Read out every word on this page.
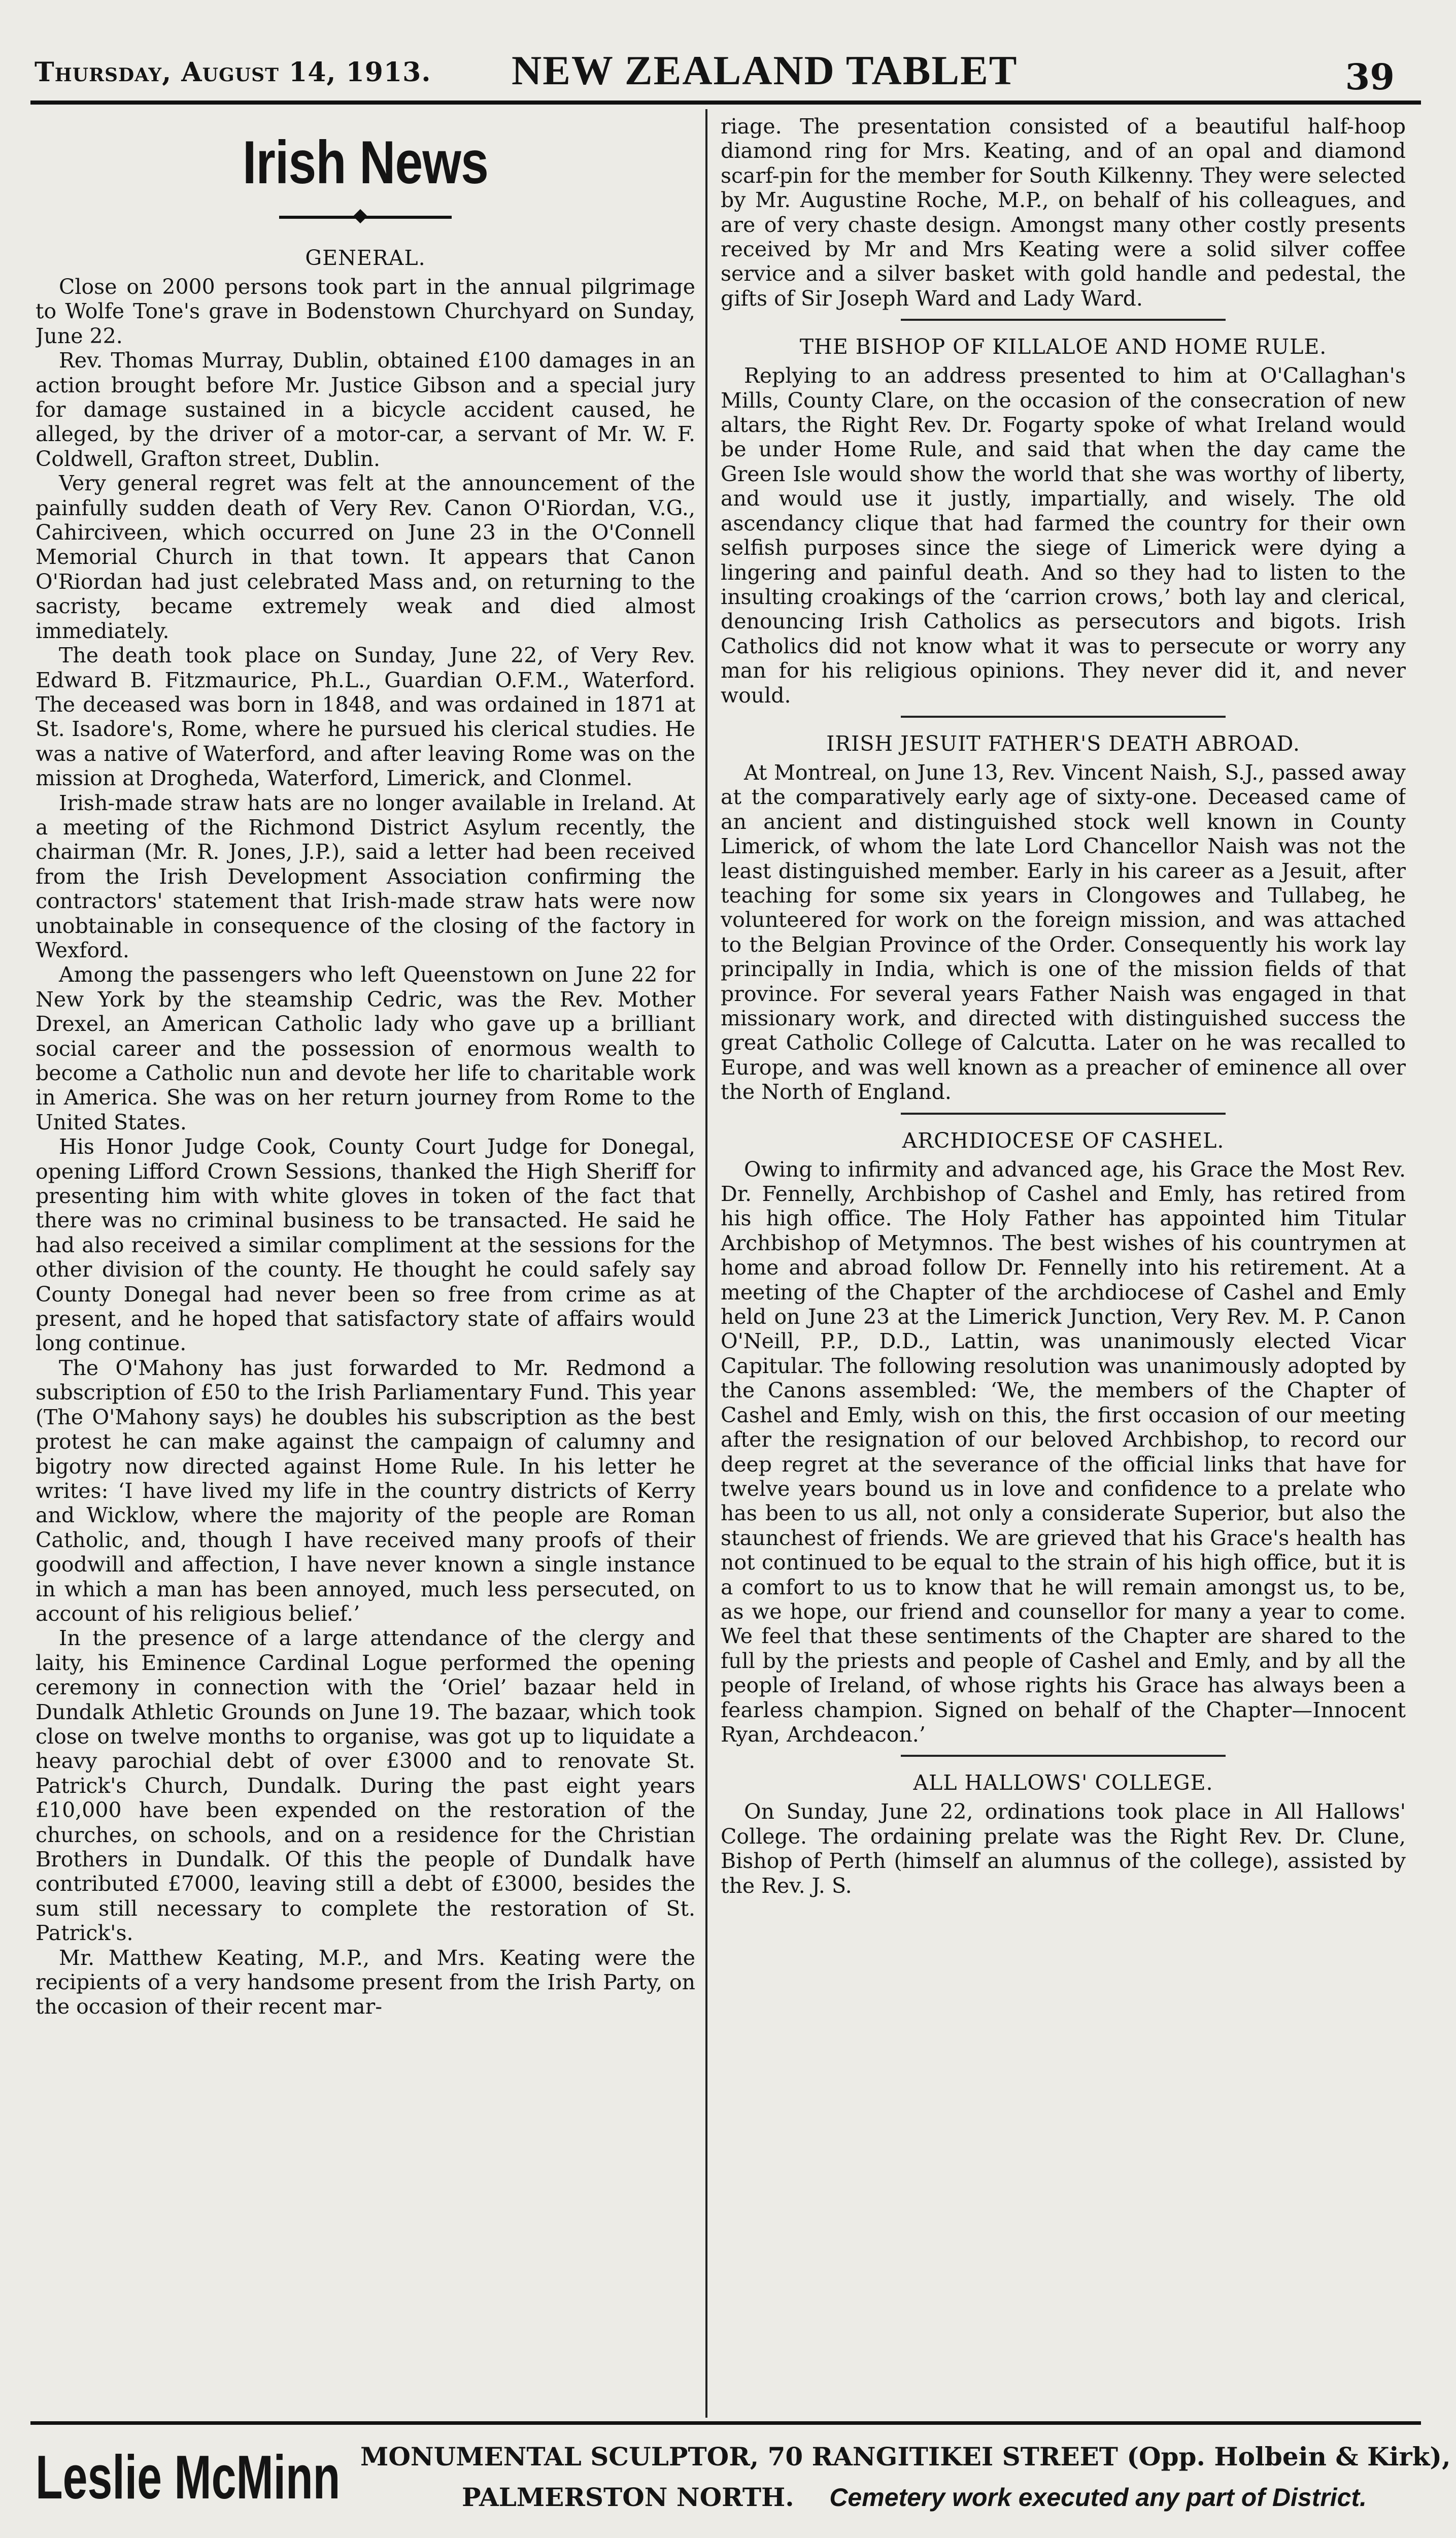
Thursday, August 14, 1913. NEW ZEALAND TABLET	39
Irish News
GENERAL.

Close on 2000 persons took part in the annual pilgrimage to Wolfe Tone's grave in Bodenstown Churchyard on Sunday, June 22.

Rev. Thomas Murray, Dublin, obtained £100 damages in an action brought before Mr. Justice Gibson and a special jury for damage sustained in a bicycle accident caused, he alleged, by the driver of a motor-car, a servant of Mr. W. F. Coldwell, Grafton street, Dublin.

Very general regret was felt at the announcement of the painfully sudden death of Very Rev. Canon O'Riordan, V.G., Cahirciveen, which occurred on June 23 in the O'Connell Memorial Church in that town. It appears that Canon O'Riordan had just celebrated Mass and, on returning to the sacristy, became extremely weak and died almost immediately.

The death took place on Sunday, June 22, of Very Rev. Edward B. Fitzmaurice, Ph.L., Guardian O.F.M., Waterford. The deceased was born in 1848, and was ordained in 1871 at St. Isadore's, Rome, where he pursued his clerical studies. He was a native of Waterford, and after leaving Rome was on the mission at Drogheda, Waterford, Limerick, and Clonmel.

Irish-made straw hats are no longer available in Ireland. At a meeting of the Richmond District Asylum recently, the chairman (Mr. R. Jones, J.P.), said a letter had been received from the Irish Development Association confirming the contractors' statement that Irish-made straw hats were now unobtainable in consequence of the closing of the factory in Wexford.

Among the passengers who left Queenstown on June 22 for New York by the steamship Cedric, was the Rev. Mother Drexel, an American Catholic lady who gave up a brilliant social career and the possession of enormous wealth to become a Catholic nun and devote her life to charitable work in America. She was on her return journey from Rome to the United States.

His Honor Judge Cook, County Court Judge for Donegal, opening Lifford Crown Sessions, thanked the High Sheriff for presenting him with white gloves in token of the fact that there was no criminal business to be transacted. He said he had also received a similar compliment at the sessions for the other division of the county. He thought he could safely say County Donegal had never been so free from crime as at present, and he hoped that satisfactory state of affairs would long continue.

The O'Mahony has just forwarded to Mr. Redmond a subscription of £50 to the Irish Parliamentary Fund. This year (The O'Mahony says) he doubles his subscription as the best protest he can make against the campaign of calumny and bigotry now directed against Home Rule. In his letter he writes: ‘I have lived my life in the country districts of Kerry and Wicklow, where the majority of the people are Roman Catholic, and, though I have received many proofs of their goodwill and affection, I have never known a single instance in which a man has been annoyed, much less persecuted, on account of his religious belief.’

In the presence of a large attendance of the clergy and laity, his Eminence Cardinal Logue performed the opening ceremony in connection with the ‘Oriel’ bazaar held in Dundalk Athletic Grounds on June 19. The bazaar, which took close on twelve months to organise, was got up to liquidate a heavy parochial debt of over £3000 and to renovate St. Patrick's Church, Dundalk. During the past eight years £10,000 have been expended on the restoration of the churches, on schools, and on a residence for the Christian Brothers in Dundalk. Of this the people of Dundalk have contributed £7000, leaving still a debt of £3000, besides the sum still necessary to complete the restoration of St. Patrick's.

Mr. Matthew Keating, M.P., and Mrs. Keating were the recipients of a very handsome present from the Irish Party, on the occasion of their recent mar-

riage. The presentation consisted of a beautiful half-hoop diamond ring for Mrs. Keating, and of an opal and diamond scarf-pin for the member for South Kilkenny. They were selected by Mr. Augustine Roche, M.P., on behalf of his colleagues, and are of very chaste design. Amongst many other costly presents received by Mr and Mrs Keating were a solid silver coffee service and a silver basket with gold handle and pedestal, the gifts of Sir Joseph Ward and Lady Ward.

THE BISHOP OF KILLALOE AND HOME RULE.

Replying to an address presented to him at O'Callaghan's Mills, County Clare, on the occasion of the consecration of new altars, the Right Rev. Dr. Fogarty spoke of what Ireland would be under Home Rule, and said that when the day came the Green Isle would show the world that she was worthy of liberty, and would use it justly, impartially, and wisely. The old ascendancy clique that had farmed the country for their own selfish purposes since the siege of Limerick were dying a lingering and painful death. And so they had to listen to the insulting croakings of the ‘carrion crows,’ both lay and clerical, denouncing Irish Catholics as persecutors and bigots. Irish Catholics did not know what it was to persecute or worry any man for his religious opinions. They never did it, and never would.

IRISH JESUIT FATHER'S DEATH ABROAD.

At Montreal, on June 13, Rev. Vincent Naish, S.J., passed away at the comparatively early age of sixty-one. Deceased came of an ancient and distinguished stock well known in County Limerick, of whom the late Lord Chancellor Naish was not the least distinguished member. Early in his career as a Jesuit, after teaching for some six years in Clongowes and Tullabeg, he volunteered for work on the foreign mission, and was attached to the Belgian Province of the Order. Consequently his work lay principally in India, which is one of the mission fields of that province. For several years Father Naish was engaged in that missionary work, and directed with distinguished success the great Catholic College of Calcutta. Later on he was recalled to Europe, and was well known as a preacher of eminence all over the North of England.

ARCHDIOCESE OF CASHEL.

Owing to infirmity and advanced age, his Grace the Most Rev. Dr. Fennelly, Archbishop of Cashel and Emly, has retired from his high office. The Holy Father has appointed him Titular Archbishop of Metymnos. The best wishes of his countrymen at home and abroad follow Dr. Fennelly into his retirement. At a meeting of the Chapter of the archdiocese of Cashel and Emly held on June 23 at the Limerick Junction, Very Rev. M. P. Canon O'Neill, P.P., D.D., Lattin, was unanimously elected Vicar Capitular. The following resolution was unanimously adopted by the Canons assembled: ‘We, the members of the Chapter of Cashel and Emly, wish on this, the first occasion of our meeting after the resignation of our beloved Archbishop, to record our deep regret at the severance of the official links that have for twelve years bound us in love and confidence to a prelate who has been to us all, not only a considerate Superior, but also the staunchest of friends. We are grieved that his Grace's health has not continued to be equal to the strain of his high office, but it is a comfort to us to know that he will remain amongst us, to be, as we hope, our friend and counsellor for many a year to come. We feel that these sentiments of the Chapter are shared to the full by the priests and people of Cashel and Emly, and by all the people of Ireland, of whose rights his Grace has always been a fearless champion. Signed on behalf of the Chapter—Innocent Ryan, Archdeacon.’

ALL HALLOWS' COLLEGE.

On Sunday, June 22, ordinations took place in All Hallows' College. The ordaining prelate was the Right Rev. Dr. Clune, Bishop of Perth (himself an alumnus of the college), assisted by the Rev. J. S.

Leslie McMinn MONUMENTAL SCULPTOR, 70 RANGITIKEI STREET (Opp. Holbein & Kirk),
PALMERSTON NORTH. Cemetery work executed any part of District.
